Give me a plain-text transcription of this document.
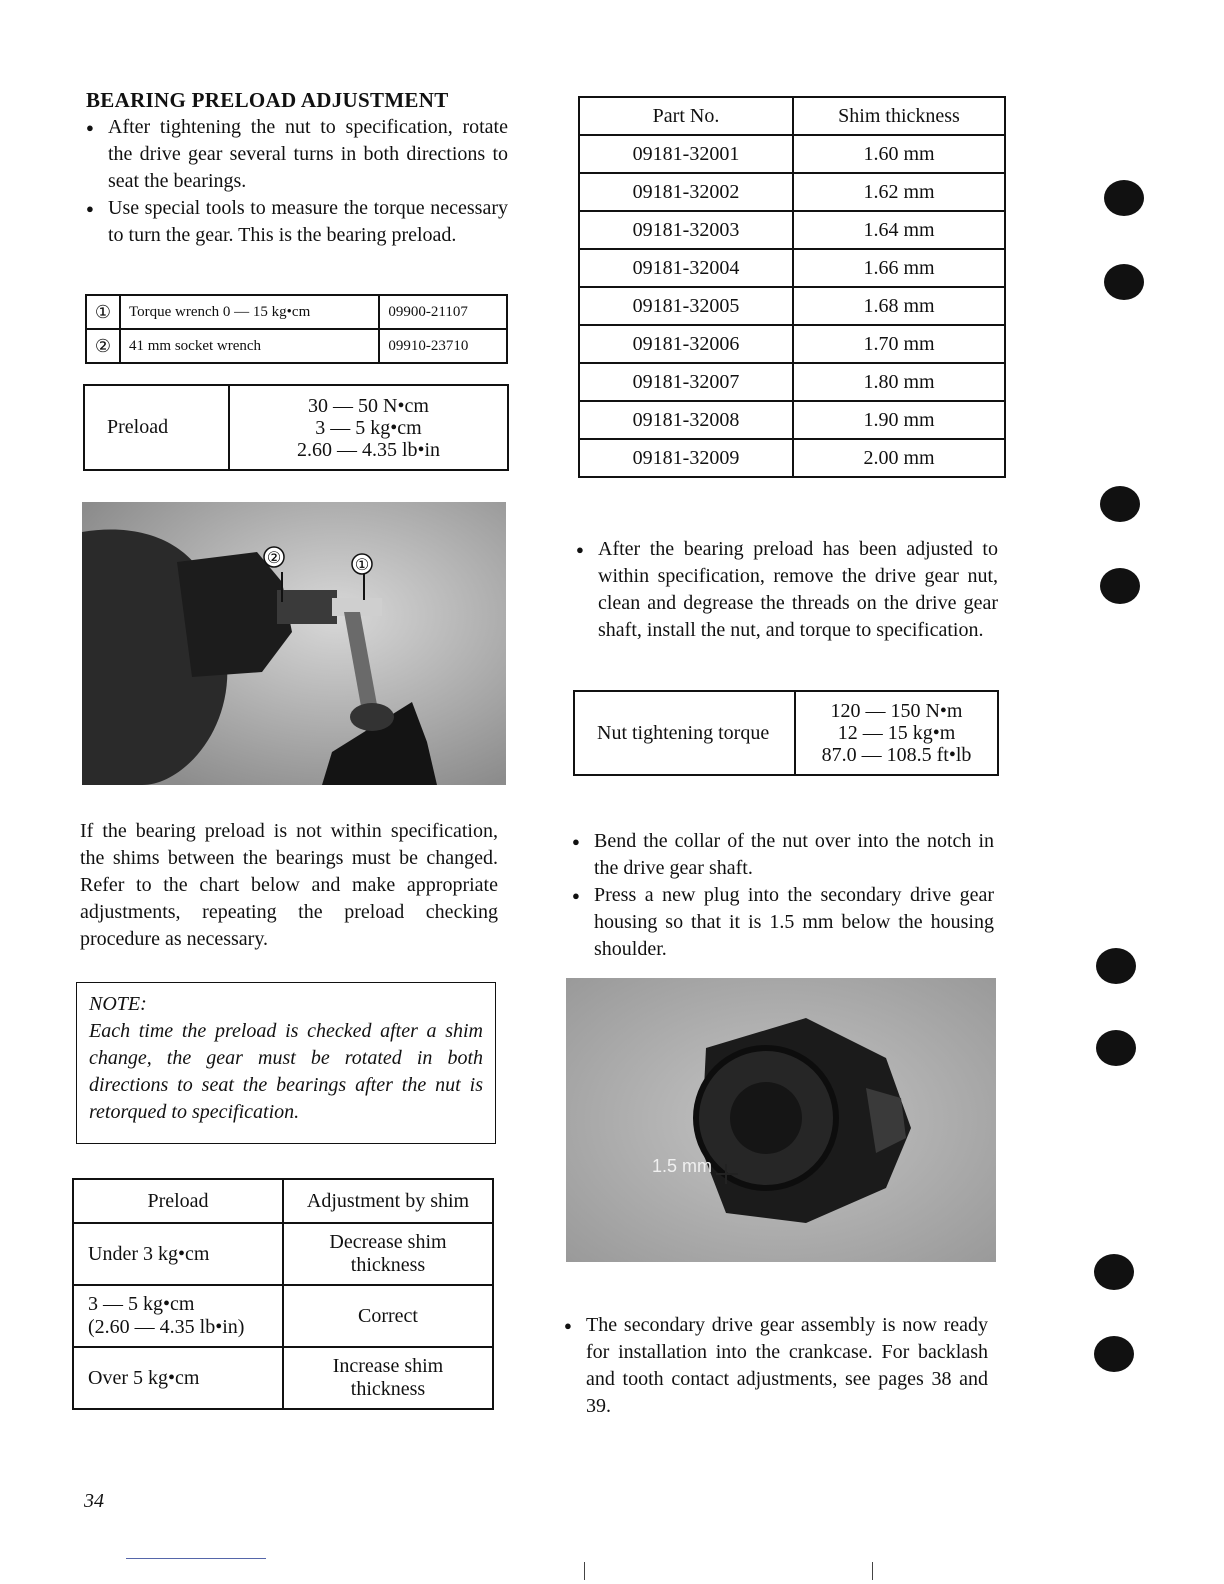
BEARING PRELOAD ADJUSTMENT
● After tightening the nut to specification, rotate the drive gear several turns in both directions to seat the bearings.
● Use special tools to measure the torque necessary to turn the gear. This is the bearing preload.
①	Torque wrench 0 — 15 kg•cm	09900-21107
②	41 mm socket wrench	09910-23710
Preload	
30 — 50 N•cm
3 — 5 kg•cm
2.60 — 4.35 lb•in
②	①
If the bearing preload is not within specification, the shims between the bearings must be changed. Refer to the chart below and make appropriate adjustments, repeating the preload checking procedure as necessary.
NOTE:
Each time the preload is checked after a shim change, the gear must be rotated in both directions to seat the bearings after the nut is retorqued to specification.
Preload	Adjustment by shim

Under 3 kg•cm	Decrease shim
thickness

3 — 5 kg•cm
(2.60 — 4.35 lb•in)	Correct

Over 5 kg•cm	Increase shim
thickness
34
Part No.	Shim thickness
09181-32001	1.60 mm
09181-32002	1.62 mm
09181-32003	1.64 mm
09181-32004	1.66 mm
09181-32005	1.68 mm
09181-32006	1.70 mm
09181-32007	1.80 mm
09181-32008	1.90 mm
09181-32009	2.00 mm
● After the bearing preload has been adjusted to within specification, remove the drive gear nut, clean and degrease the threads on the drive gear shaft, install the nut, and torque to specification.
Nut tightening torque	
120 — 150 N•m
12 — 15 kg•m
87.0 — 108.5 ft•lb
● Bend the collar of the nut over into the notch in the drive gear shaft.
● Press a new plug into the secondary drive gear housing so that it is 1.5 mm below the housing shoulder.
1.5 mm
● The secondary drive gear assembly is now ready for installation into the crankcase. For backlash and tooth contact adjustments, see pages 38 and 39.
